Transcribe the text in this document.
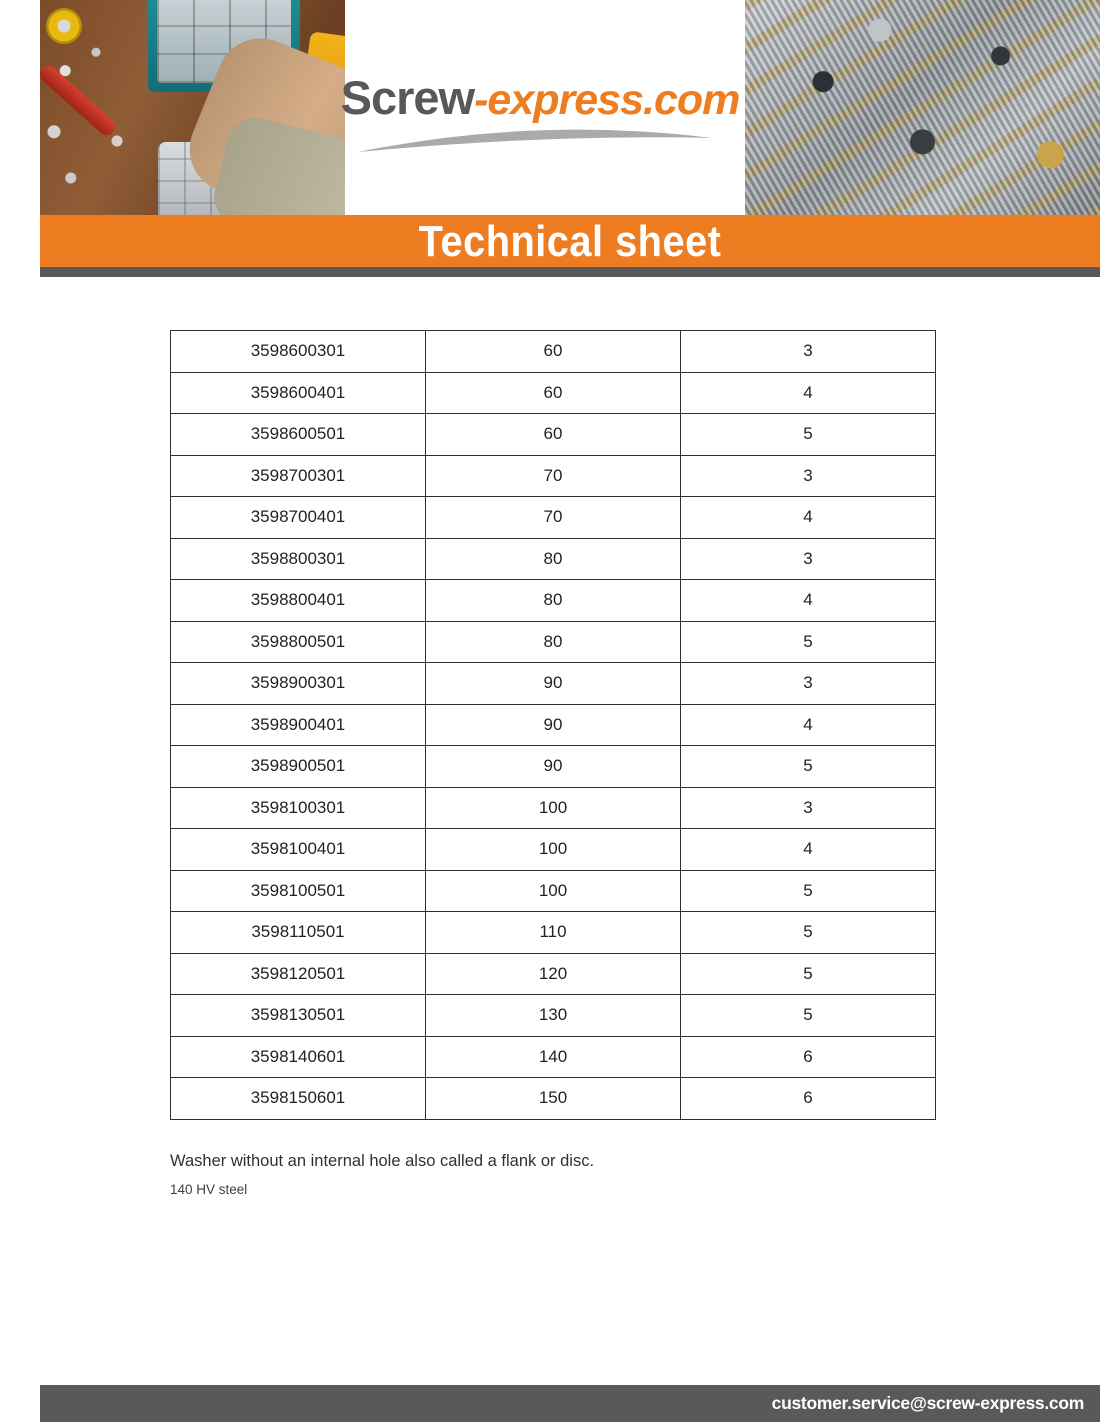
Screw-express.com
Technical sheet
3598600301	60	3
3598600401	60	4
3598600501	60	5
3598700301	70	3
3598700401	70	4
3598800301	80	3
3598800401	80	4
3598800501	80	5
3598900301	90	3
3598900401	90	4
3598900501	90	5
3598100301	100	3
3598100401	100	4
3598100501	100	5
3598110501	110	5
3598120501	120	5
3598130501	130	5
3598140601	140	6
3598150601	150	6
Washer without an internal hole also called a flank or disc.
140 HV steel
customer.service@screw-express.com
